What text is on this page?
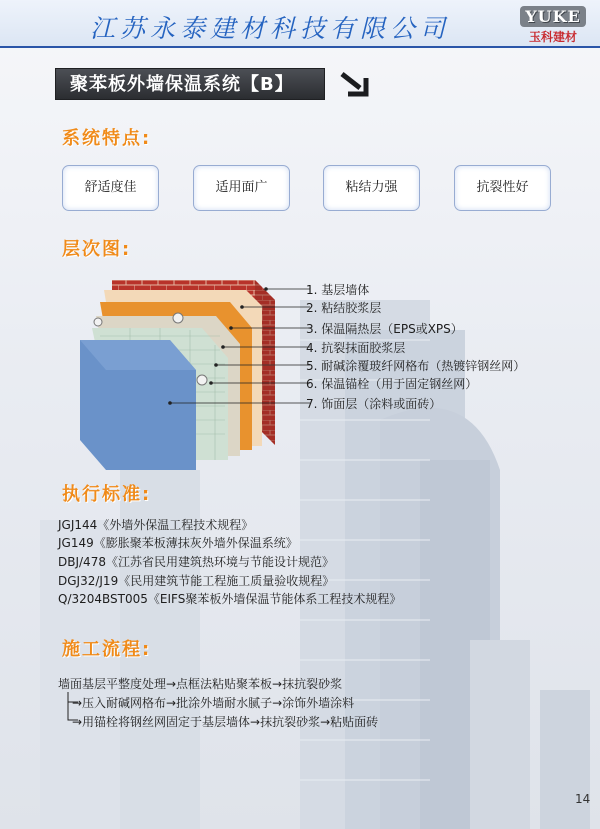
江苏永泰建材科技有限公司	YUKE
玉科建材
聚苯板外墙保温系统【B】
系统特点:
舒适度佳	适用面广	粘结力强	抗裂性好
层次图:
1. 基层墙体
2. 粘结胶浆层
3. 保温隔热层（EPS或XPS）
4. 抗裂抹面胶浆层
5. 耐碱涂覆玻纤网格布（热镀锌钢丝网）
6. 保温锚栓（用于固定钢丝网）
7. 饰面层（涂料或面砖）
执行标准:
JGJ144《外墙外保温工程技术规程》
JG149《膨胀聚苯板薄抹灰外墙外保温系统》
DBJ/478《江苏省民用建筑热环境与节能设计规范》
DGJ32/J19《民用建筑节能工程施工质量验收规程》
Q/3204BST005《EIFS聚苯板外墙保温节能体系工程技术规程》
施工流程:
墙面基层平整度处理→点框法粘贴聚苯板→抹抗裂砂浆
→压入耐碱网格布→批涂外墙耐水腻子→涂饰外墙涂料
→用锚栓将钢丝网固定于基层墙体→抹抗裂砂浆→粘贴面砖
14
